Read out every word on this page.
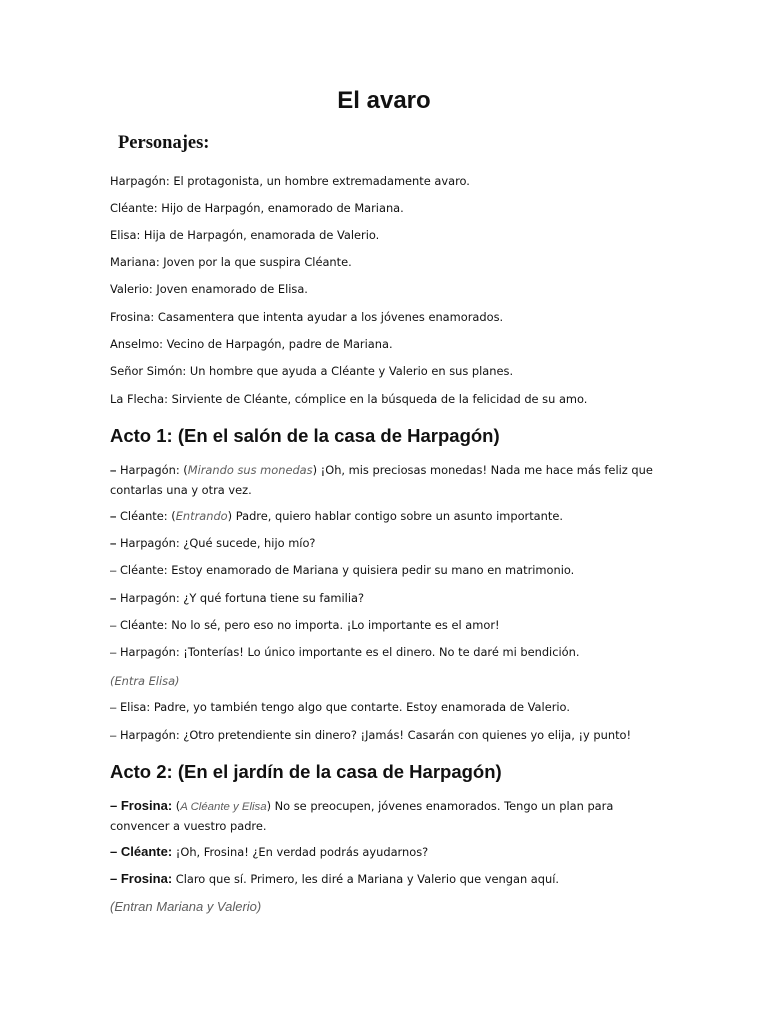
El avaro
Personajes:
Harpagón: El protagonista, un hombre extremadamente avaro.
Cléante: Hijo de Harpagón, enamorado de Mariana.
Elisa: Hija de Harpagón, enamorada de Valerio.
Mariana: Joven por la que suspira Cléante.
Valerio: Joven enamorado de Elisa.
Frosina: Casamentera que intenta ayudar a los jóvenes enamorados.
Anselmo: Vecino de Harpagón, padre de Mariana.
Señor Simón: Un hombre que ayuda a Cléante y Valerio en sus planes.
La Flecha: Sirviente de Cléante, cómplice en la búsqueda de la felicidad de su amo.
Acto 1: (En el salón de la casa de Harpagón)
– Harpagón: (Mirando sus monedas) ¡Oh, mis preciosas monedas! Nada me hace más feliz que contarlas una y otra vez.
– Cléante: (Entrando) Padre, quiero hablar contigo sobre un asunto importante.
– Harpagón: ¿Qué sucede, hijo mío?
– Cléante: Estoy enamorado de Mariana y quisiera pedir su mano en matrimonio.
– Harpagón: ¿Y qué fortuna tiene su familia?
– Cléante: No lo sé, pero eso no importa. ¡Lo importante es el amor!
– Harpagón: ¡Tonterías! Lo único importante es el dinero. No te daré mi bendición.
(Entra Elisa)
– Elisa: Padre, yo también tengo algo que contarte. Estoy enamorada de Valerio.
– Harpagón: ¿Otro pretendiente sin dinero? ¡Jamás! Casarán con quienes yo elija, ¡y punto!
Acto 2: (En el jardín de la casa de Harpagón)
– Frosina: (A Cléante y Elisa) No se preocupen, jóvenes enamorados. Tengo un plan para convencer a vuestro padre.
– Cléante: ¡Oh, Frosina! ¿En verdad podrás ayudarnos?
– Frosina: Claro que sí. Primero, les diré a Mariana y Valerio que vengan aquí.
(Entran Mariana y Valerio)
